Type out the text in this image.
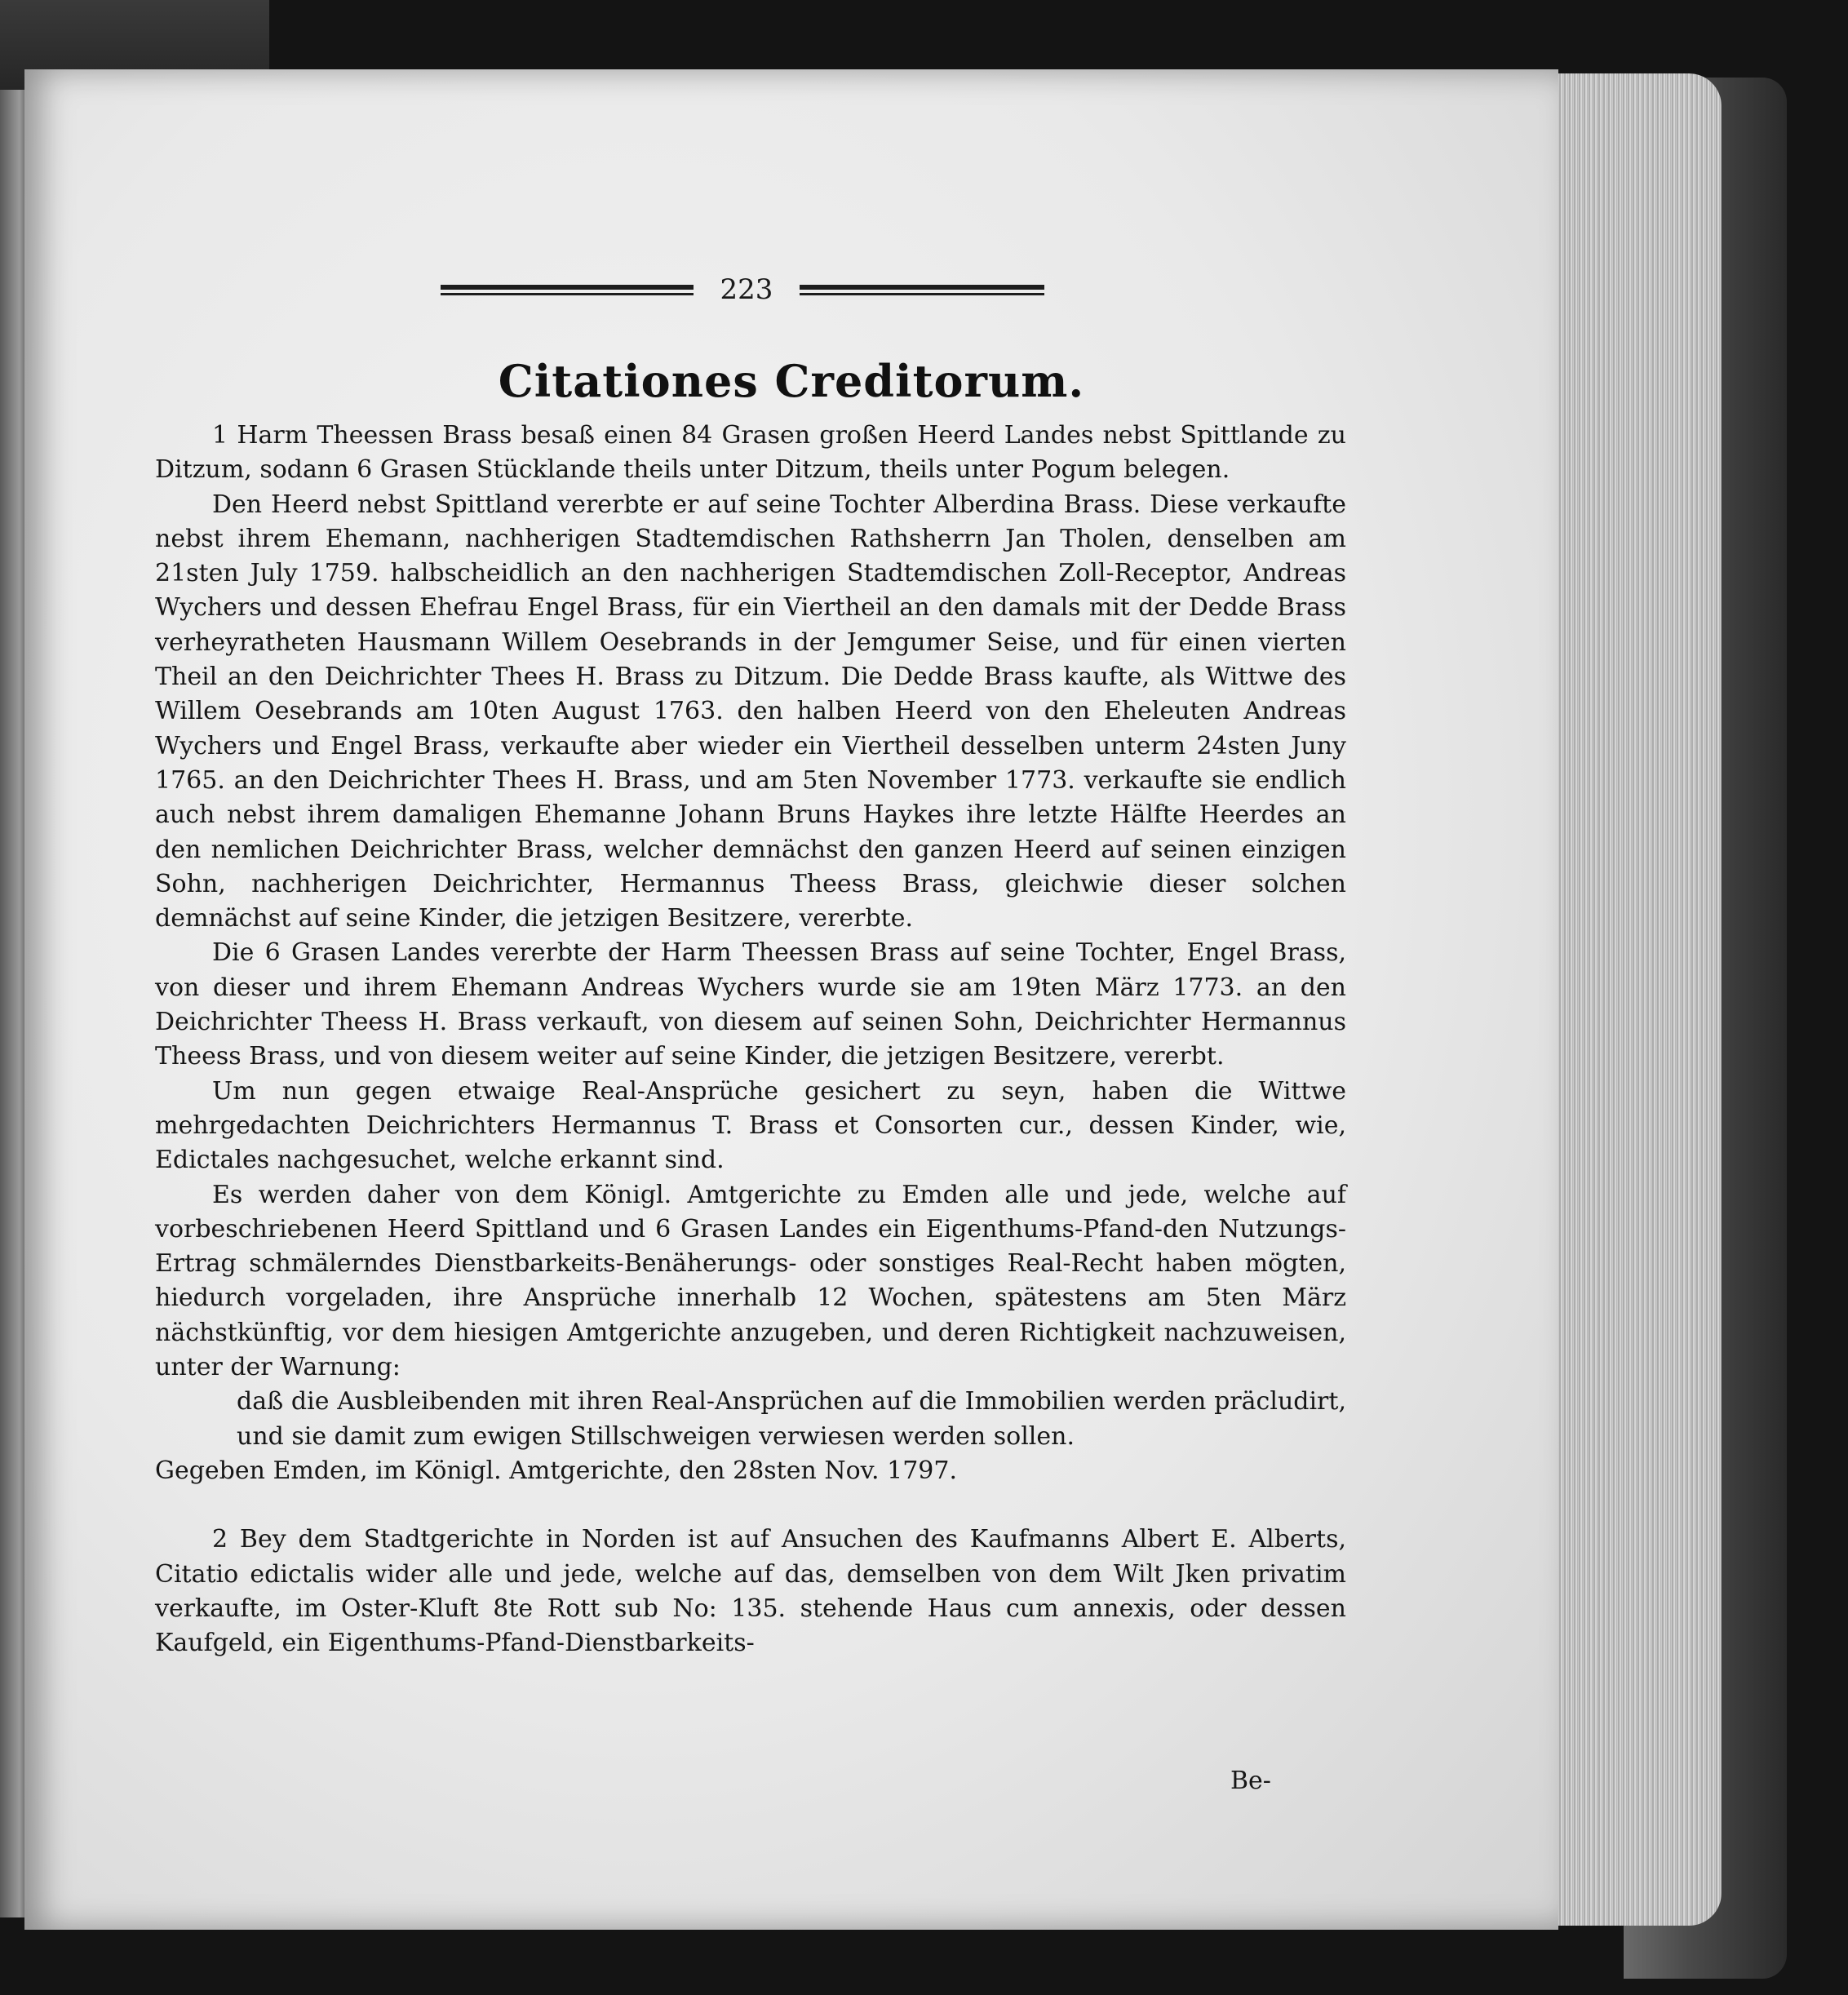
223
Citationes Creditorum.

1 Harm Theessen Brass besaß einen 84 Grasen großen Heerd Landes nebst Spittlande zu Ditzum, sodann 6 Grasen Stücklande theils unter Ditzum, theils unter Pogum belegen.

Den Heerd nebst Spittland vererbte er auf seine Tochter Alberdina Brass. Diese verkaufte nebst ihrem Ehemann, nachherigen Stadtemdischen Rathsherrn Jan Tholen, denselben am 21sten July 1759. halbscheidlich an den nachherigen Stadtemdischen Zoll-Receptor, Andreas Wychers und dessen Ehefrau Engel Brass, für ein Viertheil an den damals mit der Dedde Brass verheyratheten Hausmann Willem Oesebrands in der Jemgumer Seise, und für einen vierten Theil an den Deichrichter Thees H. Brass zu Ditzum. Die Dedde Brass kaufte, als Wittwe des Willem Oesebrands am 10ten August 1763. den halben Heerd von den Eheleuten Andreas Wychers und Engel Brass, verkaufte aber wieder ein Viertheil desselben unterm 24sten Juny 1765. an den Deichrichter Thees H. Brass, und am 5ten November 1773. verkaufte sie endlich auch nebst ihrem damaligen Ehemanne Johann Bruns Haykes ihre letzte Hälfte Heerdes an den nemlichen Deichrichter Brass, welcher demnächst den ganzen Heerd auf seinen einzigen Sohn, nachherigen Deichrichter, Hermannus Theess Brass, gleichwie dieser solchen demnächst auf seine Kinder, die jetzigen Besitzere, vererbte.

Die 6 Grasen Landes vererbte der Harm Theessen Brass auf seine Tochter, Engel Brass, von dieser und ihrem Ehemann Andreas Wychers wurde sie am 19ten März 1773. an den Deichrichter Theess H. Brass verkauft, von diesem auf seinen Sohn, Deichrichter Hermannus Theess Brass, und von diesem weiter auf seine Kinder, die jetzigen Besitzere, vererbt.

Um nun gegen etwaige Real-Ansprüche gesichert zu seyn, haben die Wittwe mehrgedachten Deichrichters Hermannus T. Brass et Consorten cur., dessen Kinder, wie, Edictales nachgesuchet, welche erkannt sind.

Es werden daher von dem Königl. Amtgerichte zu Emden alle und jede, welche auf vorbeschriebenen Heerd Spittland und 6 Grasen Landes ein Eigenthums-Pfand-den Nutzungs-Ertrag schmälerndes Dienstbarkeits-Benäherungs- oder sonstiges Real-Recht haben mögten, hiedurch vorgeladen, ihre Ansprüche innerhalb 12 Wochen, spätestens am 5ten März nächstkünftig, vor dem hiesigen Amtgerichte anzugeben, und deren Richtigkeit nachzuweisen, unter der Warnung:

daß die Ausbleibenden mit ihren Real-Ansprüchen auf die Immobilien werden präcludirt, und sie damit zum ewigen Stillschweigen verwiesen werden sollen.

Gegeben Emden, im Königl. Amtgerichte, den 28sten Nov. 1797.

2 Bey dem Stadtgerichte in Norden ist auf Ansuchen des Kaufmanns Albert E. Alberts, Citatio edictalis wider alle und jede, welche auf das, demselben von dem Wilt Jken privatim verkaufte, im Oster-Kluft 8te Rott sub No: 135. stehende Haus cum annexis, oder dessen Kaufgeld, ein Eigenthums-Pfand-Dienstbarkeits-

Be-
